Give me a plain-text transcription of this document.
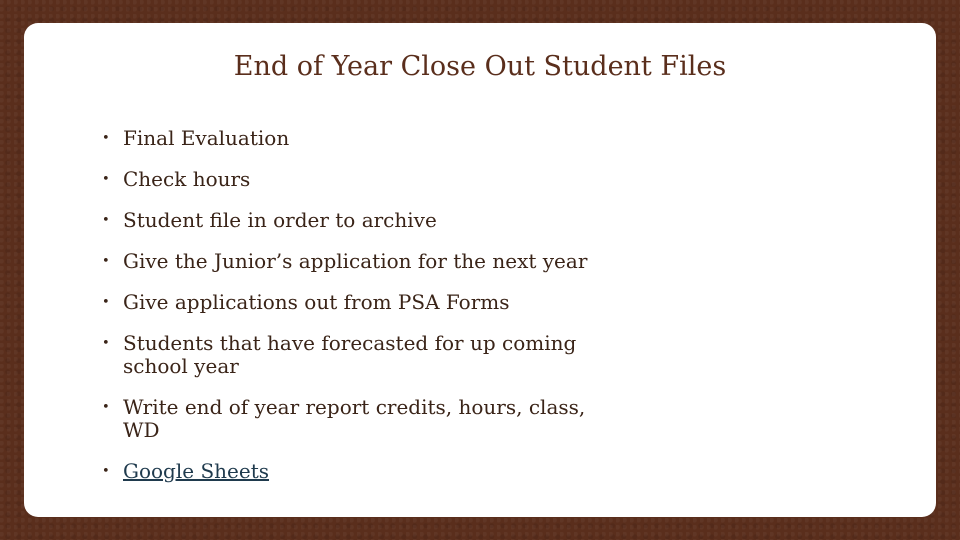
End of Year Close Out Student Files
• Final Evaluation
• Check hours
• Student file in order to archive
• Give the Junior’s application for the next year
• Give applications out from PSA Forms
• Students that have forecasted for up coming school year
• Write end of year report credits, hours, class, WD
• Google Sheets
